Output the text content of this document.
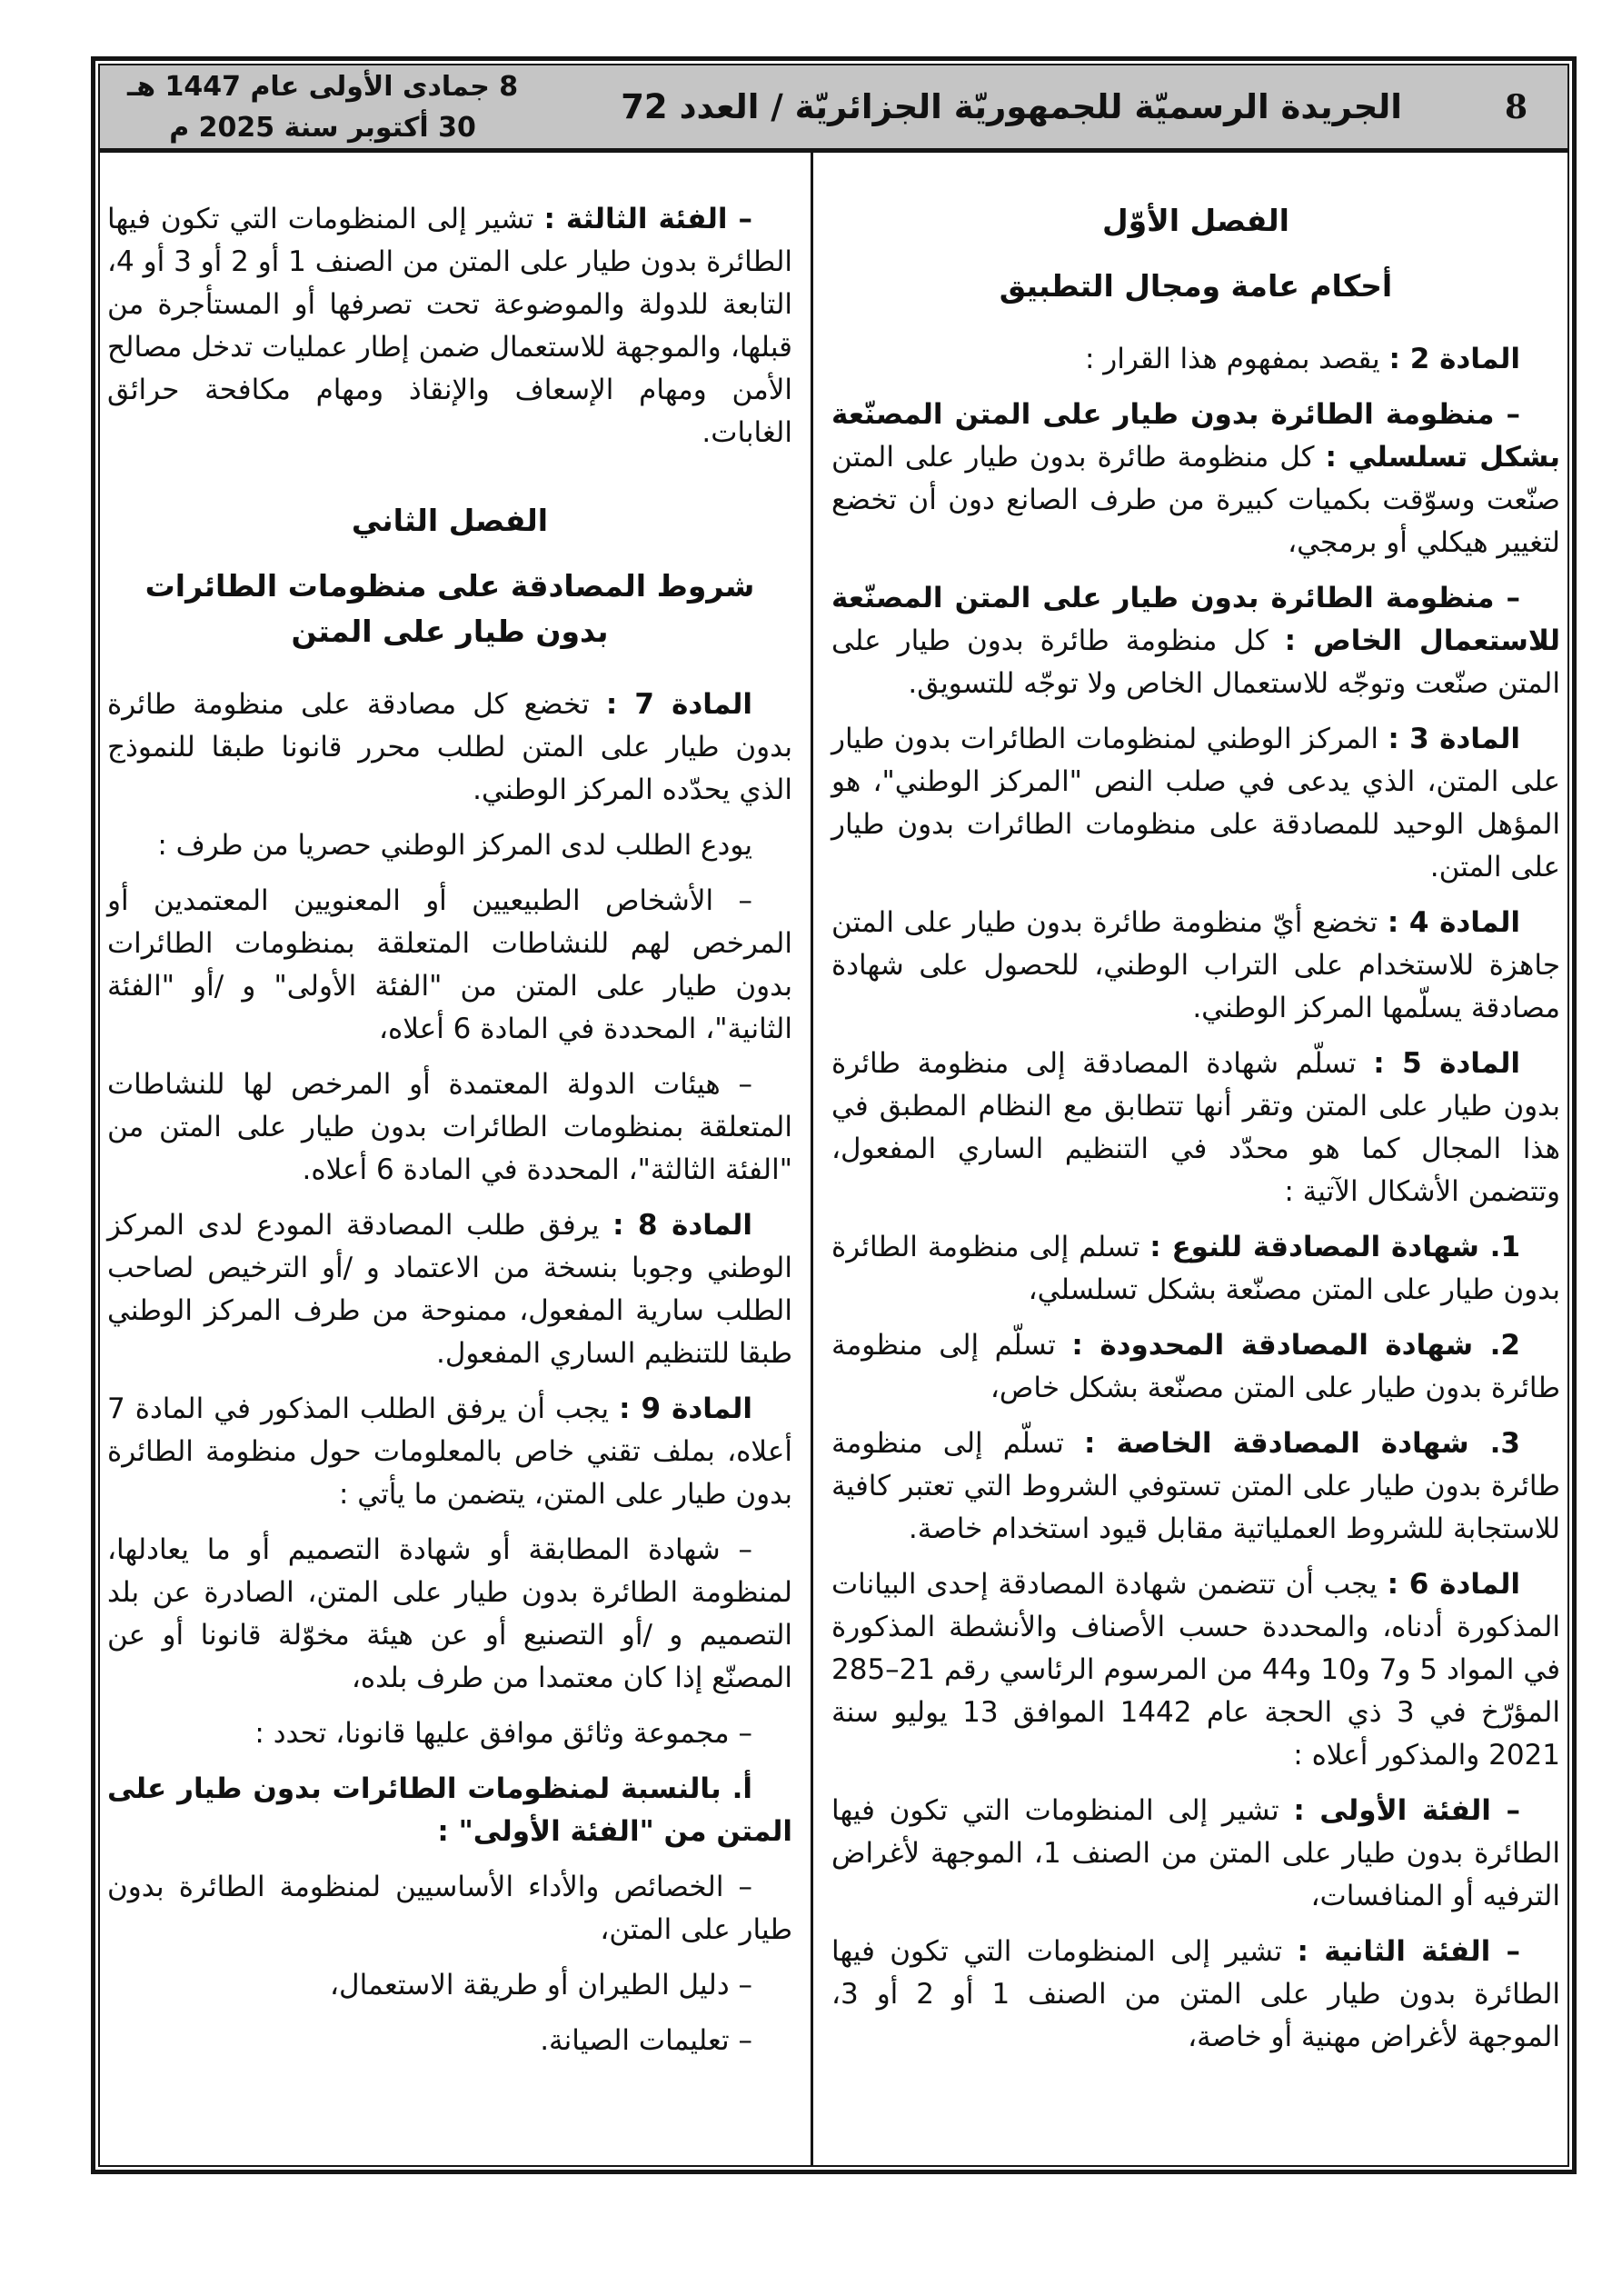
8
الجريدة الرسميّة للجمهوريّة الجزائريّة / العدد 72
8 جمادى الأولى عام 1447 هـ
30 أكتوبر سنة 2025 م
الفصل الأوّل
أحكام عامة ومجال التطبيق

المادة 2 : يقصد بمفهوم هذا القرار :

– منظومة الطائرة بدون طيار على المتن المصنّعة بشكل تسلسلي : كل منظومة طائرة بدون طيار على المتن صنّعت وسوّقت بكميات كبيرة من طرف الصانع دون أن تخضع لتغيير هيكلي أو برمجي،

– منظومة الطائرة بدون طيار على المتن المصنّعة للاستعمال الخاص : كل منظومة طائرة بدون طيار على المتن صنّعت وتوجّه للاستعمال الخاص ولا توجّه للتسويق.

المادة 3 : المركز الوطني لمنظومات الطائرات بدون طيار على المتن، الذي يدعى في صلب النص "المركز الوطني"، هو المؤهل الوحيد للمصادقة على منظومات الطائرات بدون طيار على المتن.

المادة 4 : تخضع أيّ منظومة طائرة بدون طيار على المتن جاهزة للاستخدام على التراب الوطني، للحصول على شهادة مصادقة يسلّمها المركز الوطني.

المادة 5 : تسلّم شهادة المصادقة إلى منظومة طائرة بدون طيار على المتن وتقر أنها تتطابق مع النظام المطبق في هذا المجال كما هو محدّد في التنظيم الساري المفعول، وتتضمن الأشكال الآتية :

1. شهادة المصادقة للنوع : تسلم إلى منظومة الطائرة بدون طيار على المتن مصنّعة بشكل تسلسلي،

2. شهادة المصادقة المحدودة : تسلّم إلى منظومة طائرة بدون طيار على المتن مصنّعة بشكل خاص،

3. شهادة المصادقة الخاصة : تسلّم إلى منظومة طائرة بدون طيار على المتن تستوفي الشروط التي تعتبر كافية للاستجابة للشروط العملياتية مقابل قيود استخدام خاصة.

المادة 6 : يجب أن تتضمن شهادة المصادقة إحدى البيانات المذكورة أدناه، والمحددة حسب الأصناف والأنشطة المذكورة في المواد 5 و7 و10 و44 من المرسوم الرئاسي رقم 21–285 المؤرّخ في 3 ذي الحجة عام 1442 الموافق 13 يوليو سنة 2021 والمذكور أعلاه :

– الفئة الأولى : تشير إلى المنظومات التي تكون فيها الطائرة بدون طيار على المتن من الصنف 1، الموجهة لأغراض الترفيه أو المنافسات،

– الفئة الثانية : تشير إلى المنظومات التي تكون فيها الطائرة بدون طيار على المتن من الصنف 1 أو 2 أو 3، الموجهة لأغراض مهنية أو خاصة،

– الفئة الثالثة : تشير إلى المنظومات التي تكون فيها الطائرة بدون طيار على المتن من الصنف 1 أو 2 أو 3 أو 4، التابعة للدولة والموضوعة تحت تصرفها أو المستأجرة من قبلها، والموجهة للاستعمال ضمن إطار عمليات تدخل مصالح الأمن ومهام الإسعاف والإنقاذ ومهام مكافحة حرائق الغابات.

الفصل الثاني
شروط المصادقة على منظومات الطائرات بدون طيار على المتن

المادة 7 : تخضع كل مصادقة على منظومة طائرة بدون طيار على المتن لطلب محرر قانونا طبقا للنموذج الذي يحدّده المركز الوطني.

يودع الطلب لدى المركز الوطني حصريا من طرف :

– الأشخاص الطبيعيين أو المعنويين المعتمدين أو المرخص لهم للنشاطات المتعلقة بمنظومات الطائرات بدون طيار على المتن من "الفئة الأولى" و /أو "الفئة الثانية"، المحددة في المادة 6 أعلاه،

– هيئات الدولة المعتمدة أو المرخص لها للنشاطات المتعلقة بمنظومات الطائرات بدون طيار على المتن من "الفئة الثالثة"، المحددة في المادة 6 أعلاه.

المادة 8 : يرفق طلب المصادقة المودع لدى المركز الوطني وجوبا بنسخة من الاعتماد و /أو الترخيص لصاحب الطلب سارية المفعول، ممنوحة من طرف المركز الوطني طبقا للتنظيم الساري المفعول.

المادة 9 : يجب أن يرفق الطلب المذكور في المادة 7 أعلاه، بملف تقني خاص بالمعلومات حول منظومة الطائرة بدون طيار على المتن، يتضمن ما يأتي :

– شهادة المطابقة أو شهادة التصميم أو ما يعادلها، لمنظومة الطائرة بدون طيار على المتن، الصادرة عن بلد التصميم و /أو التصنيع أو عن هيئة مخوّلة قانونا أو عن المصنّع إذا كان معتمدا من طرف بلده،

– مجموعة وثائق موافق عليها قانونا، تحدد :

أ. بالنسبة لمنظومات الطائرات بدون طيار على المتن من "الفئة الأولى" :

– الخصائص والأداء الأساسيين لمنظومة الطائرة بدون طيار على المتن،

– دليل الطيران أو طريقة الاستعمال،

– تعليمات الصيانة.
